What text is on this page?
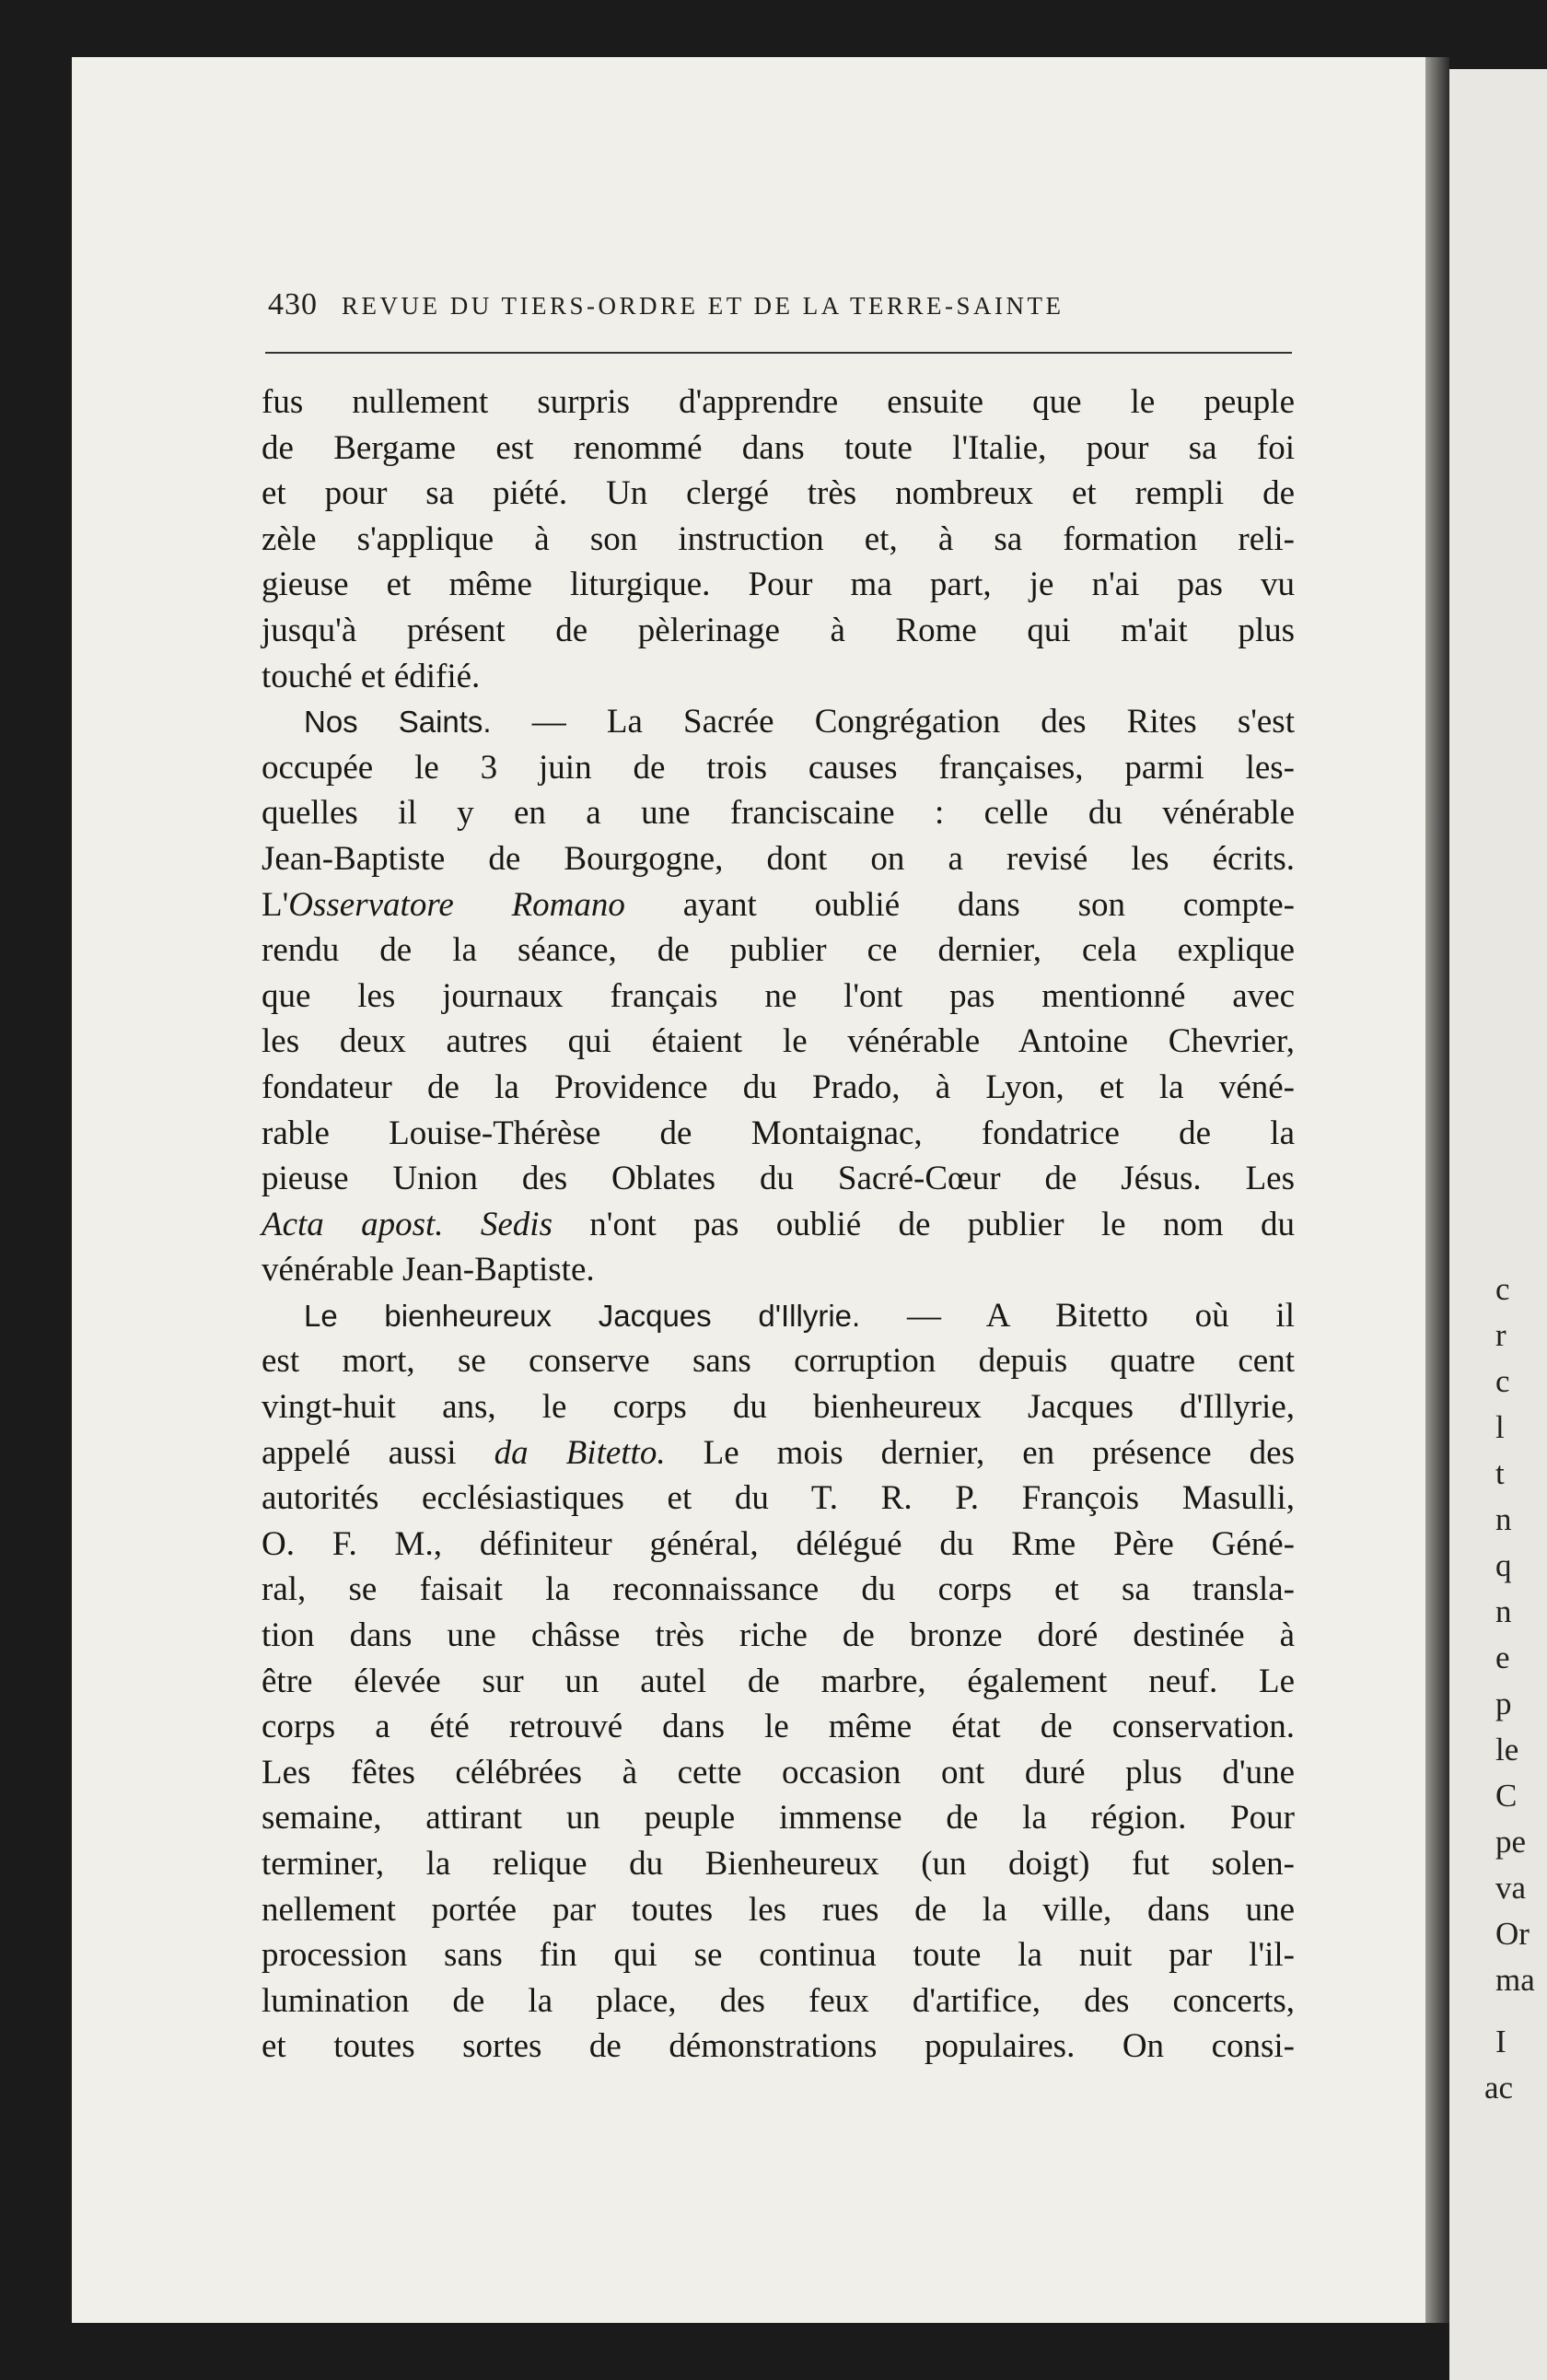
c
r
c
l
t
n
q
n
e
p
le
C
pe
va
Or
ma
I
ac
430 REVUE DU TIERS-ORDRE ET DE LA TERRE-SAINTE
fus nullement surpris d'apprendre ensuite que le peuple
de Bergame est renommé dans toute l'Italie, pour sa foi
et pour sa piété. Un clergé très nombreux et rempli de
zèle s'applique à son instruction et, à sa formation reli-
gieuse et même liturgique. Pour ma part, je n'ai pas vu
jusqu'à présent de pèlerinage à Rome qui m'ait plus
touché et édifié.
Nos Saints. — La Sacrée Congrégation des Rites s'est
occupée le 3 juin de trois causes françaises, parmi les-
quelles il y en a une franciscaine : celle du vénérable
Jean-Baptiste de Bourgogne, dont on a revisé les écrits.
L'Osservatore Romano ayant oublié dans son compte-
rendu de la séance, de publier ce dernier, cela explique
que les journaux français ne l'ont pas mentionné avec
les deux autres qui étaient le vénérable Antoine Chevrier,
fondateur de la Providence du Prado, à Lyon, et la véné-
rable Louise-Thérèse de Montaignac, fondatrice de la
pieuse Union des Oblates du Sacré-Cœur de Jésus. Les
Acta apost. Sedis n'ont pas oublié de publier le nom du
vénérable Jean-Baptiste.
Le bienheureux Jacques d'Illyrie. — A Bitetto où il
est mort, se conserve sans corruption depuis quatre cent
vingt-huit ans, le corps du bienheureux Jacques d'Illyrie,
appelé aussi da Bitetto. Le mois dernier, en présence des
autorités ecclésiastiques et du T. R. P. François Masulli,
O. F. M., définiteur général, délégué du Rme Père Géné-
ral, se faisait la reconnaissance du corps et sa transla-
tion dans une châsse très riche de bronze doré destinée à
être élevée sur un autel de marbre, également neuf. Le
corps a été retrouvé dans le même état de conservation.
Les fêtes célébrées à cette occasion ont duré plus d'une
semaine, attirant un peuple immense de la région. Pour
terminer, la relique du Bienheureux (un doigt) fut solen-
nellement portée par toutes les rues de la ville, dans une
procession sans fin qui se continua toute la nuit par l'il-
lumination de la place, des feux d'artifice, des concerts,
et toutes sortes de démonstrations populaires. On consi-
